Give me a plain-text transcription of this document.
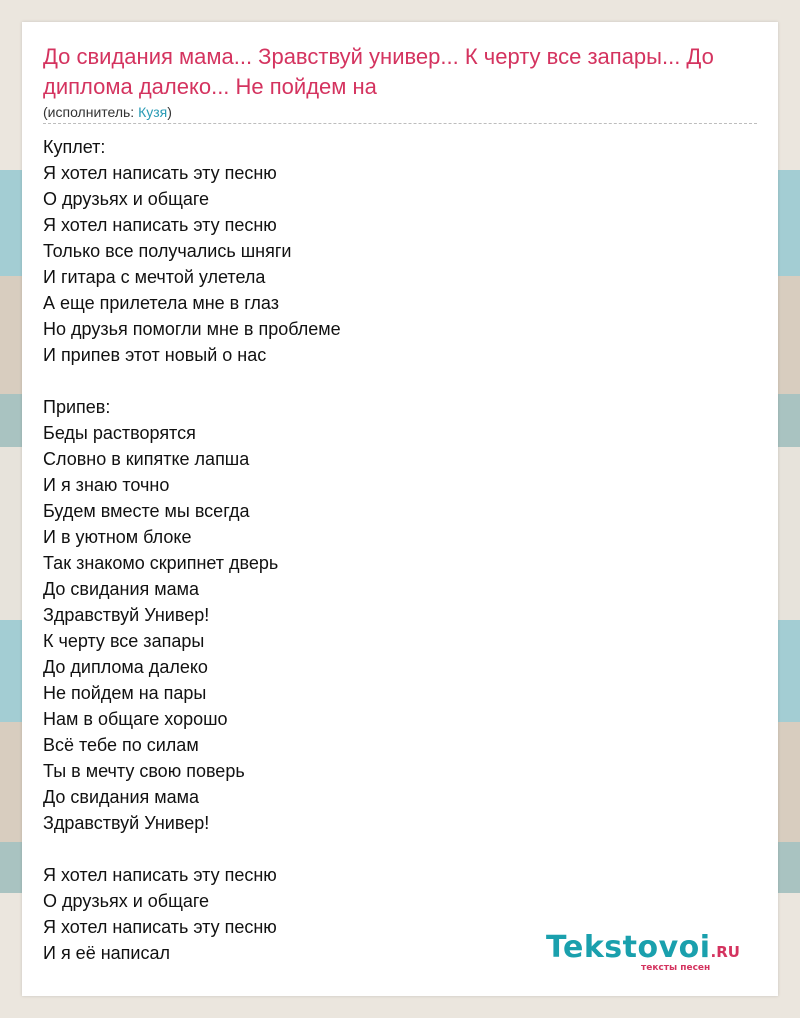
До свидания мама... Зравствуй универ... К черту все запары... До диплома далеко... Не пойдем на
(исполнитель: Кузя)
Куплет:
Я хотел написать эту песню
О друзьях и общаге
Я хотел написать эту песню
Только все получались шняги
И гитара с мечтой улетела
А еще прилетела мне в глаз
Но друзья помогли мне в проблеме
И припев этот новый о нас
Припев:
Беды растворятся
Словно в кипятке лапша
И я знаю точно
Будем вместе мы всегда
И в уютном блоке
Так знакомо скрипнет дверь
До свидания мама
Здравствуй Универ!
К черту все запары
До диплома далеко
Не пойдем на пары
Нам в общаге хорошо
Всё тебе по силам
Ты в мечту свою поверь
До свидания мама
Здравствуй Универ!
Я хотел написать эту песню
О друзьях и общаге
Я хотел написать эту песню
И я её написал	Tekstovoi.RU
тексты песен
